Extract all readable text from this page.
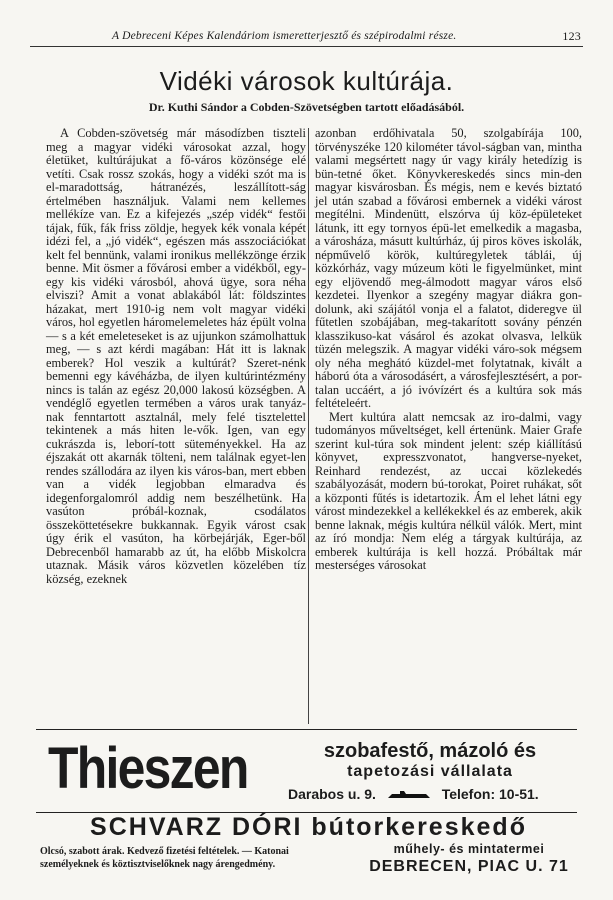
A Debreceni Képes Kalendáriom ismeretterjesztő és szépirodalmi része.	123
Vidéki városok kultúrája.
Dr. Kuthi Sándor a Cobden-Szövetségben tartott előadásából.

A Cobden-szövetség már másodízben tiszteli meg a magyar vidéki városokat azzal, hogy életüket, kultúrájukat a fő-város közönsége elé vetíti. Csak rossz szokás, hogy a vidéki szót ma is el-maradottság, hátranézés, leszállított-ság értelmében használjuk. Valami nem kellemes mellékíze van. Ez a kifejezés „szép vidék“ festői tájak, fűk, fák friss zöldje, hegyek kék vonala képét idézi fel, a „jó vidék“, egészen más asszociációkat kelt fel bennünk, valami ironikus mellékzönge érzik benne. Mit ösmer a fővárosi ember a vidékből, egy-egy kis vidéki városból, ahová ügye, sora néha elviszi? Amit a vonat ablakából lát: földszintes házakat, mert 1910-ig nem volt magyar vidéki város, hol egyetlen háromelemeletes ház épült volna — s a két emeleteseket is az ujjunkon számolhattuk meg, — s azt kérdi magában: Hát itt is laknak emberek? Hol veszik a kultúrát? Szeret-nénk bemenni egy kávéházba, de ilyen kultúrintézmény nincs is talán az egész 20,000 lakosú községben. A vendéglő egyetlen termében a város urak tanyáz-nak fenntartott asztalnál, mely felé tisztelettel tekintenek a más hiten le-vők. Igen, van egy cukrászda is, leborí-tott süteményekkel. Ha az éjszakát ott akarnák tölteni, nem találnak egyet-len rendes szállodára az ilyen kis város-ban, mert ebben van a vidék legjobban elmaradva és idegenforgalomról addig nem beszélhetünk. Ha vasúton próbál-koznak, csodálatos összeköttetésekre bukkannak. Egyik várost csak úgy érik el vasúton, ha körbejárják, Eger-ből Debrecenből hamarabb az út, ha előbb Miskolcra utaznak. Másik város közvetlen közelében tíz község, ezeknek

azonban erdőhivatala 50, szolgabírája 100, törvényszéke 120 kilométer távol-ságban van, mintha valami megsértett nagy úr vagy király hetedízig is bün-tetné őket. Könyvkereskedés sincs min-den magyar kisvárosban. És mégis, nem e kevés biztató jel után szabad a fővárosi embernek a vidéki várost megítélni. Mindenütt, elszórva új köz-épületeket látunk, itt egy tornyos épü-let emelkedik a magasba, a városháza, másutt kultúrház, új piros köves iskolák, népművelő körök, kultúregyletek táblái, új közkórház, vagy múzeum köti le figyelmünket, mint egy eljövendő meg-álmodott magyar város első kezdetei. Ilyenkor a szegény magyar diákra gon-dolunk, aki szájától vonja el a falatot, dideregve ül fűtetlen szobájában, meg-takarított sovány pénzén klasszikuso-kat vásárol és azokat olvasva, lelkük tüzén melegszik. A magyar vidéki váro-sok mégsem oly néha meghátó küzdel-met folytatnak, kivált a háború óta a városodásért, a városfejlesztésért, a por-talan uccáért, a jó ivóvízért és a kultúra sok más feltételeért.

Mert kultúra alatt nemcsak az iro-dalmi, vagy tudományos műveltséget, kell értenünk. Maier Grafe szerint kul-túra sok mindent jelent: szép kiállítású könyvet, expresszvonatot, hangverse-nyeket, Reinhard rendezést, az uccai közlekedés szabályozását, modern bú-torokat, Poiret ruhákat, sőt a központi fűtés is idetartozik. Ám el lehet látni egy várost mindezekkel a kellékekkel és az emberek, akik benne laknak, mégis kultúra nélkül válók. Mert, mint az író mondja: Nem elég a tárgyak kultúrája, az emberek kultúrája is kell hozzá. Próbáltak már mesterséges városokat

Thieszen	szobafestő, mázoló és
tapetozási vállalata
Darabos u. 9.	Telefon: 10-51.
SCHVARZ DÓRI bútorkereskedő
Olcsó, szabott árak. Kedvező fizetési feltételek. — Katonai
személyeknek és köztisztviselőknek nagy árengedmény.
műhely- és mintatermei
DEBRECEN, PIAC U. 71
